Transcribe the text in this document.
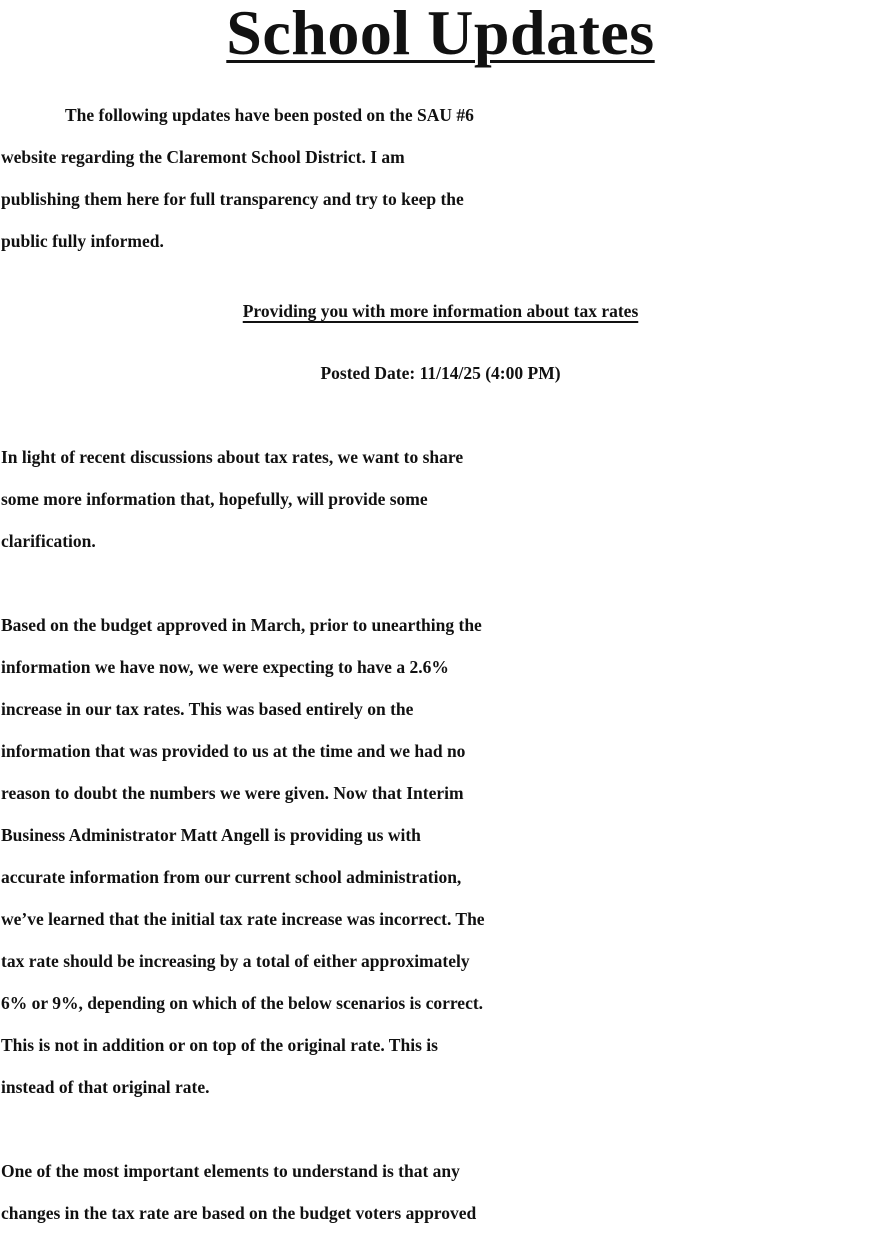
School Updates

The following updates have been posted on the SAU #6
website regarding the Claremont School District. I am
publishing them here for full transparency and try to keep the
public fully informed.

Providing you with more information about tax rates
Posted Date: 11/14/25 (4:00 PM)

In light of recent discussions about tax rates, we want to share
some more information that, hopefully, will provide some
clarification.

Based on the budget approved in March, prior to unearthing the
information we have now, we were expecting to have a 2.6%
increase in our tax rates. This was based entirely on the
information that was provided to us at the time and we had no
reason to doubt the numbers we were given. Now that Interim
Business Administrator Matt Angell is providing us with
accurate information from our current school administration,
we’ve learned that the initial tax rate increase was incorrect. The
tax rate should be increasing by a total of either approximately
6% or 9%, depending on which of the below scenarios is correct.
This is not in addition or on top of the original rate. This is
instead of that original rate.

One of the most important elements to understand is that any
changes in the tax rate are based on the budget voters approved
